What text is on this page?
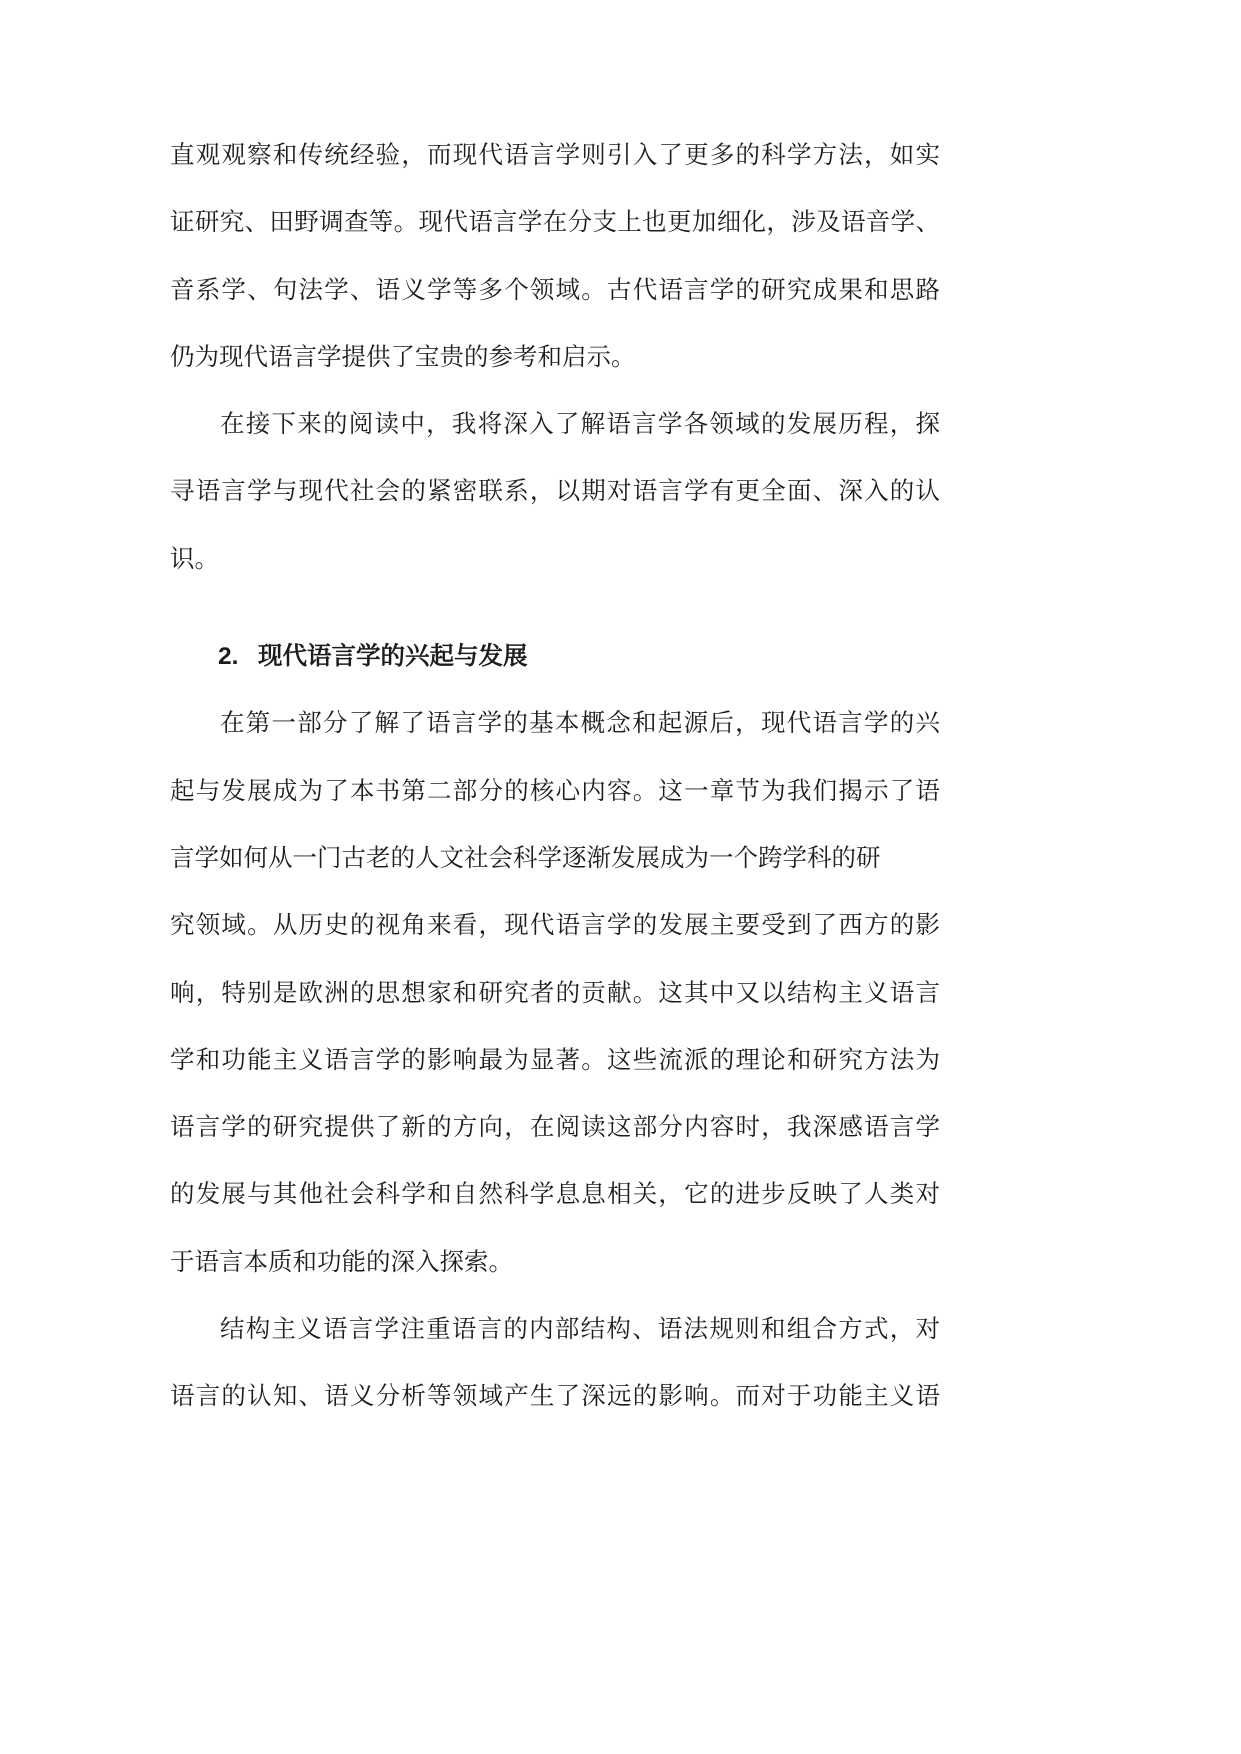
直观观察和传统经验，而现代语言学则引入了更多的科学方法，如实
证研究、田野调查等。现代语言学在分支上也更加细化，涉及语音学、
音系学、句法学、语义学等多个领域。古代语言学的研究成果和思路
仍为现代语言学提供了宝贵的参考和启示。
在接下来的阅读中，我将深入了解语言学各领域的发展历程，探
寻语言学与现代社会的紧密联系，以期对语言学有更全面、深入的认
识。
2. 现代语言学的兴起与发展
在第一部分了解了语言学的基本概念和起源后，现代语言学的兴
起与发展成为了本书第二部分的核心内容。这一章节为我们揭示了语
言学如何从一门古老的人文社会科学逐渐发展成为一个跨学科的研
究领域。从历史的视角来看，现代语言学的发展主要受到了西方的影
响，特别是欧洲的思想家和研究者的贡献。这其中又以结构主义语言
学和功能主义语言学的影响最为显著。这些流派的理论和研究方法为
语言学的研究提供了新的方向，在阅读这部分内容时，我深感语言学
的发展与其他社会科学和自然科学息息相关，它的进步反映了人类对
于语言本质和功能的深入探索。
结构主义语言学注重语言的内部结构、语法规则和组合方式，对
语言的认知、语义分析等领域产生了深远的影响。而对于功能主义语
